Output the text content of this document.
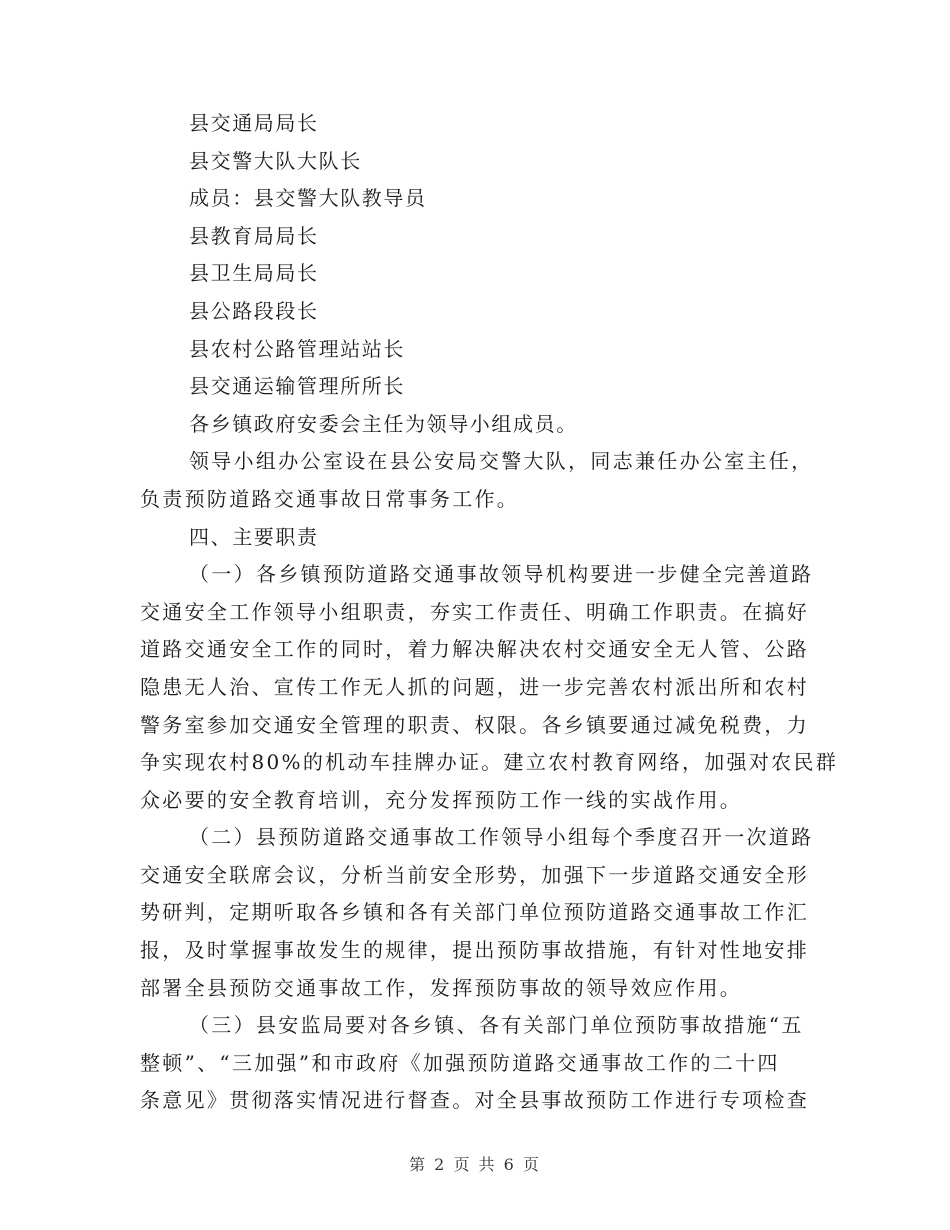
县交通局局长

县交警大队大队长

成员：县交警大队教导员

县教育局局长

县卫生局局长

县公路段段长

县农村公路管理站站长

县交通运输管理所所长

各乡镇政府安委会主任为领导小组成员。

领导小组办公室设在县公安局交警大队，同志兼任办公室主任，

负责预防道路交通事故日常事务工作。

四、主要职责

（一）各乡镇预防道路交通事故领导机构要进一步健全完善道路

交通安全工作领导小组职责，夯实工作责任、明确工作职责。在搞好

道路交通安全工作的同时，着力解决解决农村交通安全无人管、公路

隐患无人治、宣传工作无人抓的问题，进一步完善农村派出所和农村

警务室参加交通安全管理的职责、权限。各乡镇要通过减免税费，力

争实现农村80%的机动车挂牌办证。建立农村教育网络，加强对农民群

众必要的安全教育培训，充分发挥预防工作一线的实战作用。

（二）县预防道路交通事故工作领导小组每个季度召开一次道路

交通安全联席会议，分析当前安全形势，加强下一步道路交通安全形

势研判，定期听取各乡镇和各有关部门单位预防道路交通事故工作汇

报，及时掌握事故发生的规律，提出预防事故措施，有针对性地安排

部署全县预防交通事故工作，发挥预防事故的领导效应作用。

（三）县安监局要对各乡镇、各有关部门单位预防事故措施“五

整顿”、“三加强”和市政府《加强预防道路交通事故工作的二十四

条意见》贯彻落实情况进行督查。对全县事故预防工作进行专项检查

第 2 页 共 6 页
